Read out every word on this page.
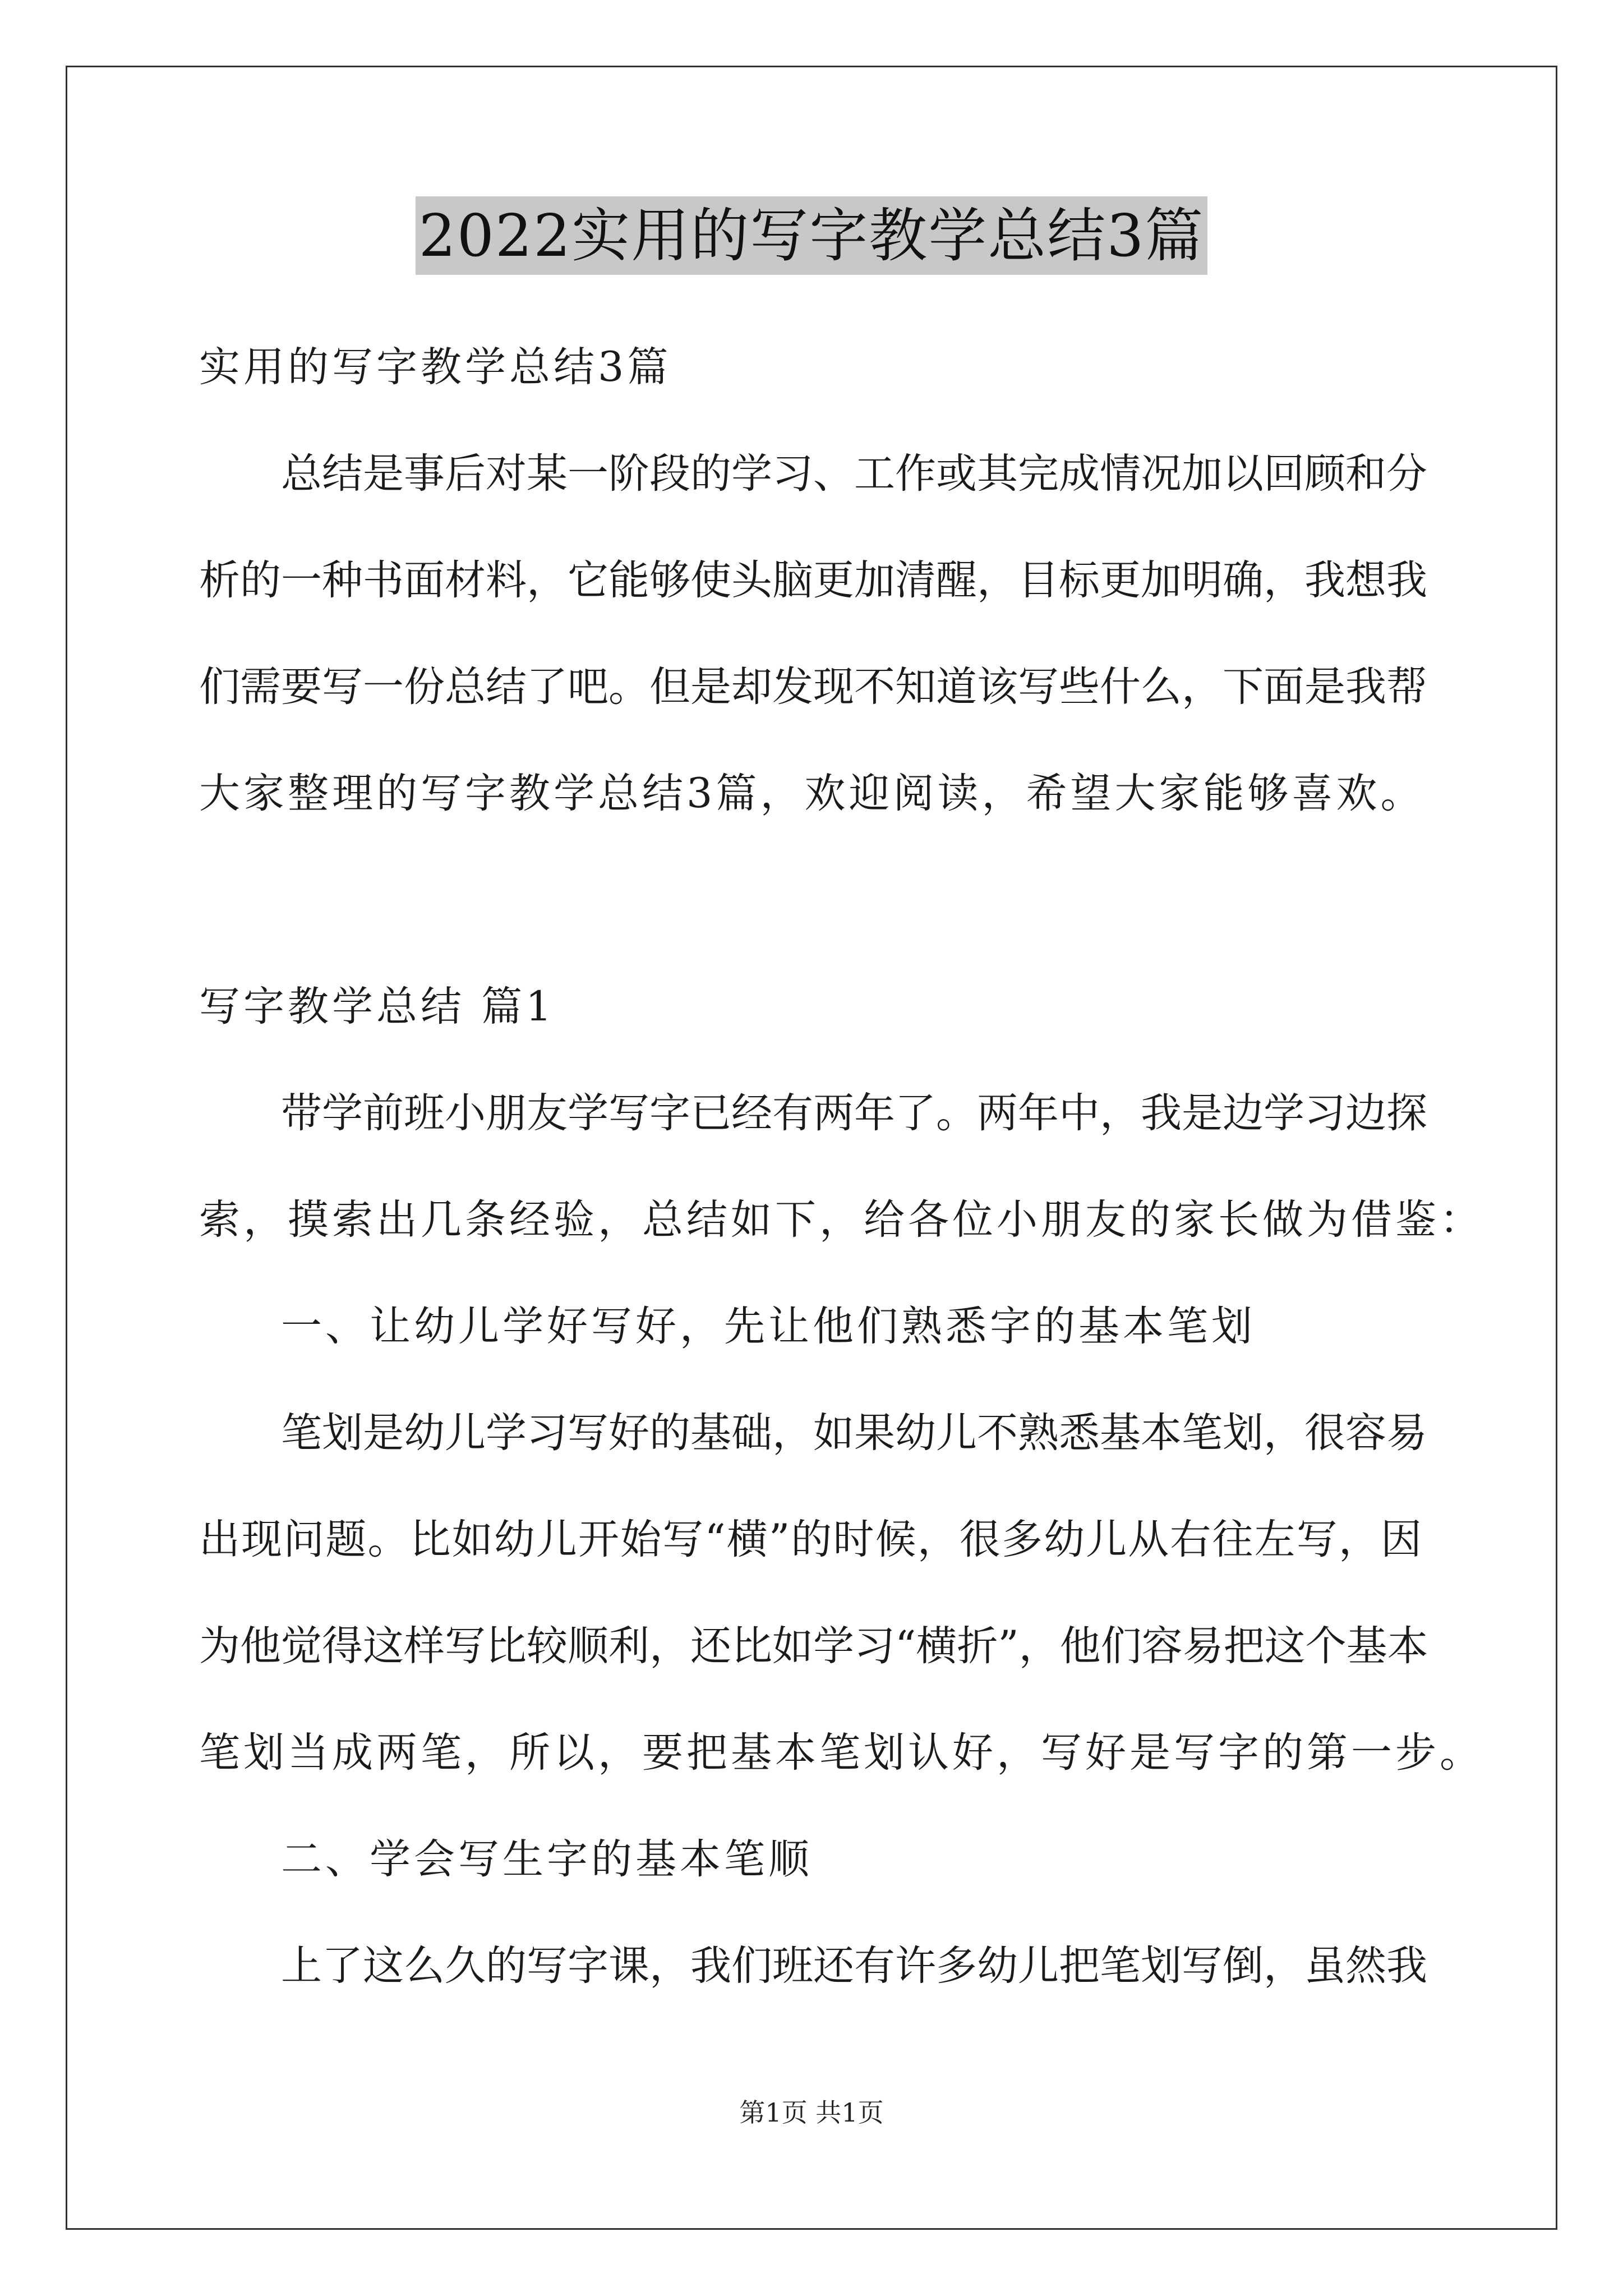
2022实用的写字教学总结3篇
实用的写字教学总结3篇
总结是事后对某一阶段的学习、工作或其完成情况加以回顾和分
析的一种书面材料，它能够使头脑更加清醒，目标更加明确，我想我
们需要写一份总结了吧。但是却发现不知道该写些什么，下面是我帮
大家整理的写字教学总结3篇，欢迎阅读，希望大家能够喜欢。
写字教学总结 篇1
带学前班小朋友学写字已经有两年了。两年中，我是边学习边探
索，摸索出几条经验，总结如下，给各位小朋友的家长做为借鉴：
一、让幼儿学好写好，先让他们熟悉字的基本笔划
笔划是幼儿学习写好的基础，如果幼儿不熟悉基本笔划，很容易
出现问题。比如幼儿开始写“横”的时候，很多幼儿从右往左写，因
为他觉得这样写比较顺利，还比如学习“横折”，他们容易把这个基本
笔划当成两笔，所以，要把基本笔划认好，写好是写字的第一步。
二、学会写生字的基本笔顺
上了这么久的写字课，我们班还有许多幼儿把笔划写倒，虽然我
第1页 共1页
